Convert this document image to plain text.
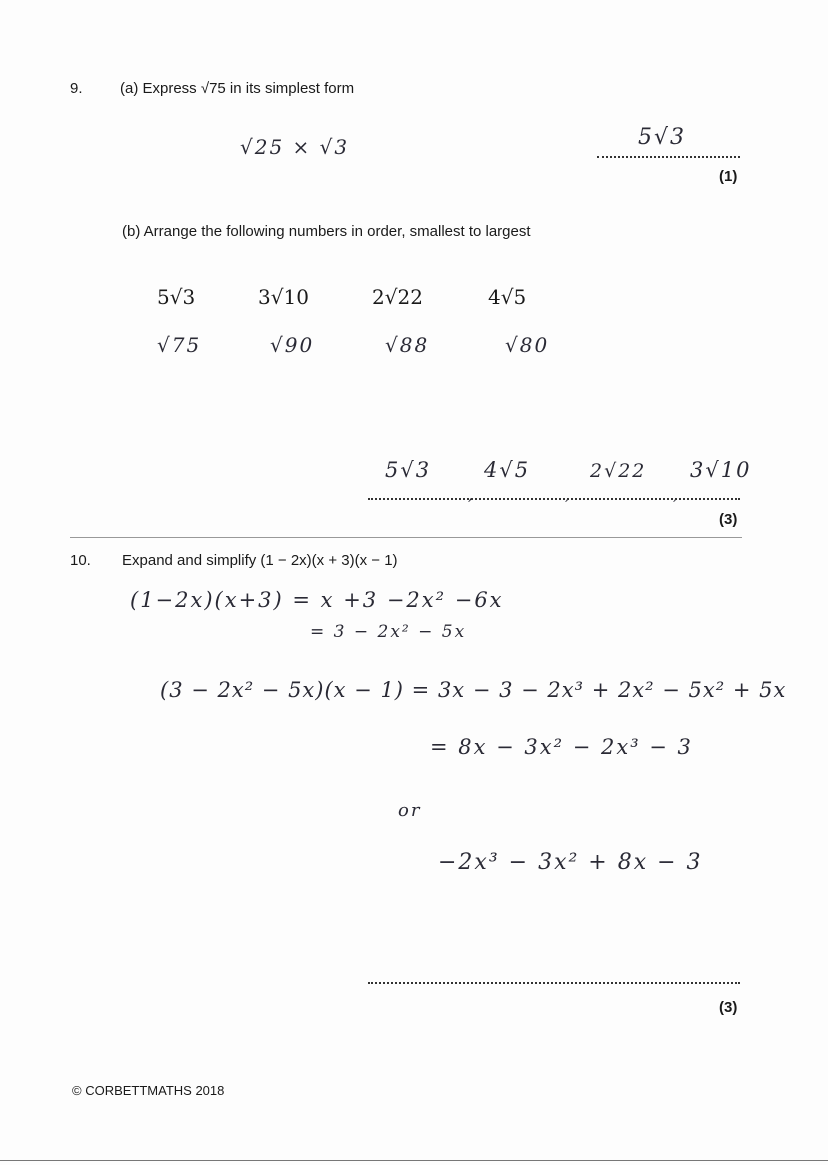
9. (a) Express √75 in its simplest form
√25 × √3	5√3
(1)
(b) Arrange the following numbers in order, smallest to largest
5√3	3√10	2√22	4√5
√75	√90	√88	√80
5√3
,
4√5
,
2√22
,
3√10
(3)
10. Expand and simplify (1 − 2x)(x + 3)(x − 1)
(1−2x)(x+3) = x +3 −2x² −6x
= 3 − 2x² − 5x
(3 − 2x² − 5x)(x − 1) = 3x − 3 − 2x³ + 2x² − 5x² + 5x
= 8x − 3x² − 2x³ − 3
or
−2x³ − 3x² + 8x − 3
(3)
© CORBETTMATHS 2018
